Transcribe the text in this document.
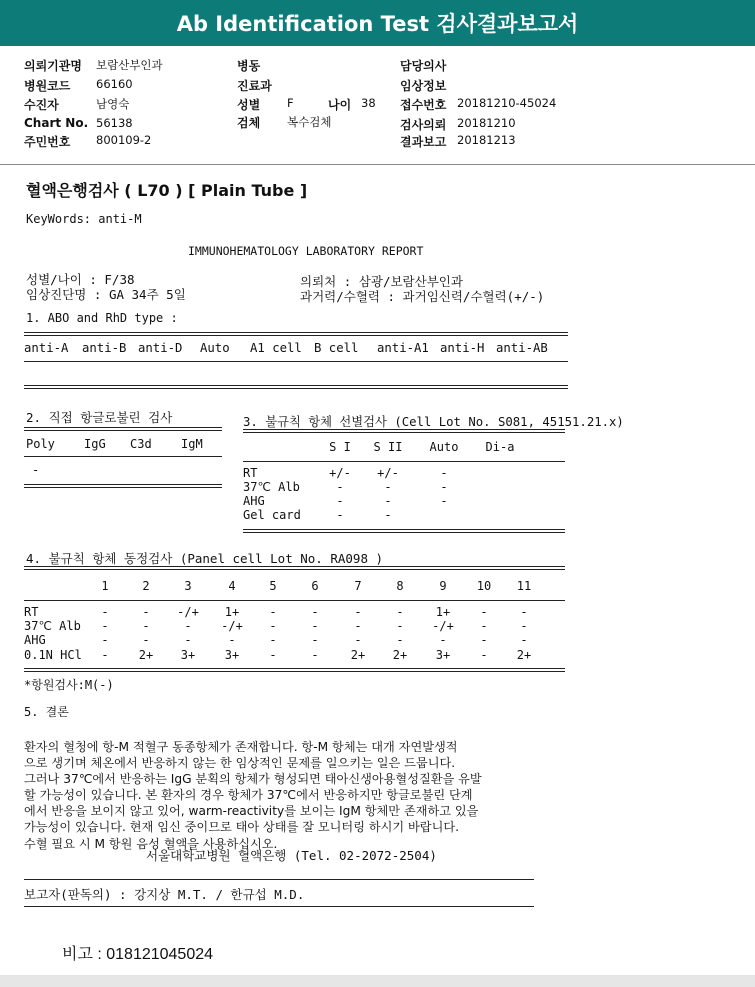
Ab Identification Test 검사결과보고서
의뢰기관명 보람산부인과
병원코드 66160
수진자	남영숙
Chart No. 56138
주민번호 800109-2
병동
진료과
성별 F	나이 38
검체 복수검체
담당의사
임상정보
접수번호 20181210-45024
검사의뢰 20181210
결과보고 20181213
혈액은행검사 ( L70 ) [ Plain Tube ]
KeyWords: anti-M
IMMUNOHEMATOLOGY LABORATORY REPORT
성별/나이 : F/38
임상진단명 : GA 34주 5일
의뢰처 : 삼광/보람산부인과
과거력/수혈력 : 과거임신력/수혈력(+/-)
1. ABO and RhD type :
anti-A anti-B anti-D Auto A1 cell B cell anti-A1 anti-H anti-AB
2. 직접 항글로불린 검사
Poly IgG C3d IgM
-
3. 불규칙 항체 선별검사 (Cell Lot No. S081, 45151.21.x)
S I	S II	Auto	Di-a
RT	+/-	+/-	-
37℃ Alb	-	-	-
AHG	-	-	-
Gel card	-	-
4. 불규칙 항체 동정검사 (Panel cell Lot No. RA098 )
1	2	3	4	5	6	7	8	9	10	11
RT	-	-	-/+	1+	-	-	-	-	1+	-	-
37℃ Alb	-	-	-	-/+	-	-	-	-	-/+	-	-
AHG	-	-	-	-	-	-	-	-	-	-	-
0.1N HCl	-	2+	3+	3+	-	-	2+	2+	3+	-	2+
*항원검사:M(-)
5. 결론
환자의 혈청에 항-M 적혈구 동종항체가 존재합니다. 항-M 항체는 대개 자연발생적
으로 생기며 체온에서 반응하지 않는 한 임상적인 문제를 일으키는 일은 드뭅니다.
그러나 37℃에서 반응하는 IgG 분획의 항체가 형성되면 태아신생아용혈성질환을 유발
할 가능성이 있습니다. 본 환자의 경우 항체가 37℃에서 반응하지만 항글로불린 단계
에서 반응을 보이지 않고 있어, warm-reactivity를 보이는 IgM 항체만 존재하고 있을
가능성이 있습니다. 현재 임신 중이므로 태아 상태를 잘 모니터링 하시기 바랍니다.
수혈 필요 시 M 항원 음성 혈액을 사용하십시오.
서울대학교병원 혈액은행 (Tel. 02-2072-2504)
보고자(판독의) : 강지상 M.T. / 한규섭 M.D.
비고 : 018121045024
